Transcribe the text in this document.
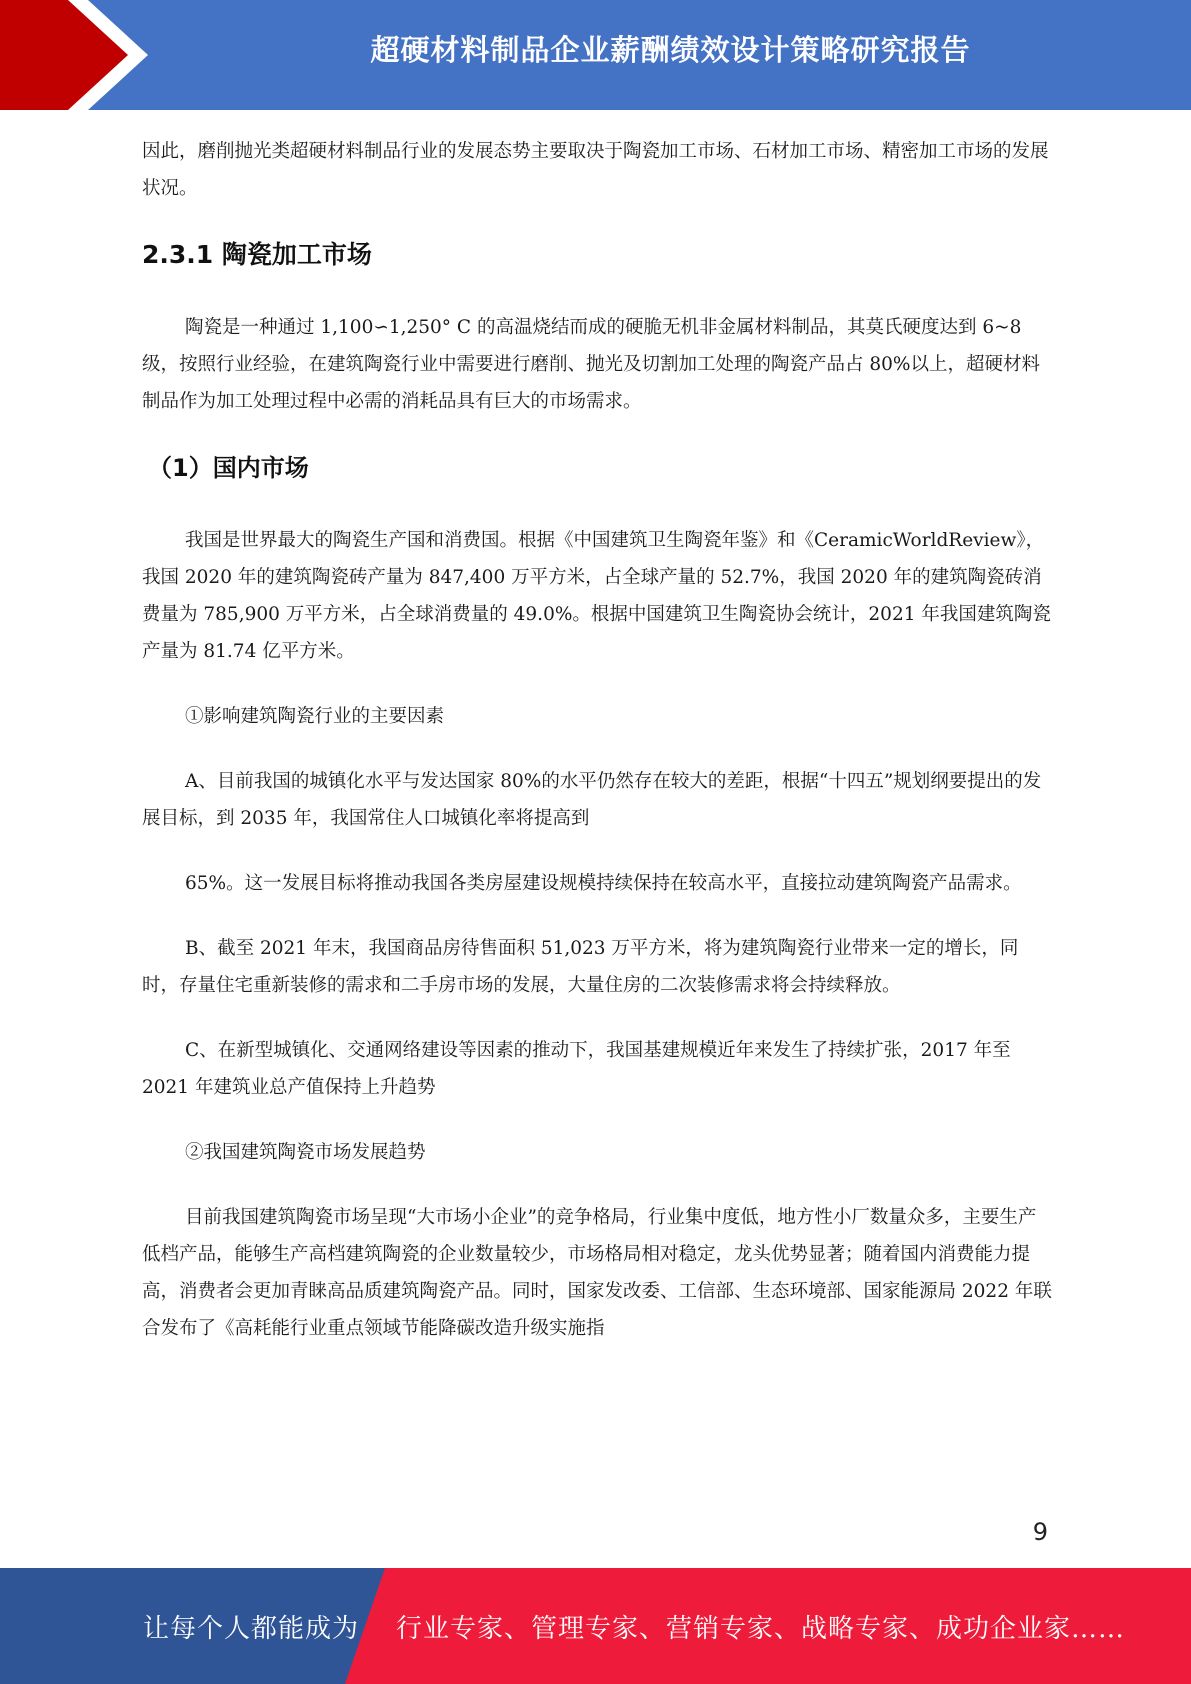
超硬材料制品企业薪酬绩效设计策略研究报告

因此，磨削抛光类超硬材料制品行业的发展态势主要取决于陶瓷加工市场、石材加工市场、精密加工市场的发展状况。

2.3.1 陶瓷加工市场

陶瓷是一种通过 1,100∽1,250° C 的高温烧结而成的硬脆无机非金属材料制品，其莫氏硬度达到 6~8 级，按照行业经验，在建筑陶瓷行业中需要进行磨削、抛光及切割加工处理的陶瓷产品占 80%以上，超硬材料制品作为加工处理过程中必需的消耗品具有巨大的市场需求。

（1）国内市场

我国是世界最大的陶瓷生产国和消费国。根据《中国建筑卫生陶瓷年鉴》和《CeramicWorldReview》，我国 2020 年的建筑陶瓷砖产量为 847,400 万平方米，占全球产量的 52.7%，我国 2020 年的建筑陶瓷砖消费量为 785,900 万平方米，占全球消费量的 49.0%。根据中国建筑卫生陶瓷协会统计，2021 年我国建筑陶瓷产量为 81.74 亿平方米。

①影响建筑陶瓷行业的主要因素

A、目前我国的城镇化水平与发达国家 80%的水平仍然存在较大的差距，根据“十四五”规划纲要提出的发展目标，到 2035 年，我国常住人口城镇化率将提高到

65%。这一发展目标将推动我国各类房屋建设规模持续保持在较高水平，直接拉动建筑陶瓷产品需求。

B、截至 2021 年末，我国商品房待售面积 51,023 万平方米，将为建筑陶瓷行业带来一定的增长，同时，存量住宅重新装修的需求和二手房市场的发展，大量住房的二次装修需求将会持续释放。

C、在新型城镇化、交通网络建设等因素的推动下，我国基建规模近年来发生了持续扩张，2017 年至 2021 年建筑业总产值保持上升趋势

②我国建筑陶瓷市场发展趋势

目前我国建筑陶瓷市场呈现“大市场小企业”的竞争格局，行业集中度低，地方性小厂数量众多，主要生产低档产品，能够生产高档建筑陶瓷的企业数量较少，市场格局相对稳定，龙头优势显著；随着国内消费能力提高，消费者会更加青睐高品质建筑陶瓷产品。同时，国家发改委、工信部、生态环境部、国家能源局 2022 年联合发布了《高耗能行业重点领域节能降碳改造升级实施指

9
让每个人都能成为 行业专家、管理专家、营销专家、战略专家、成功企业家……
